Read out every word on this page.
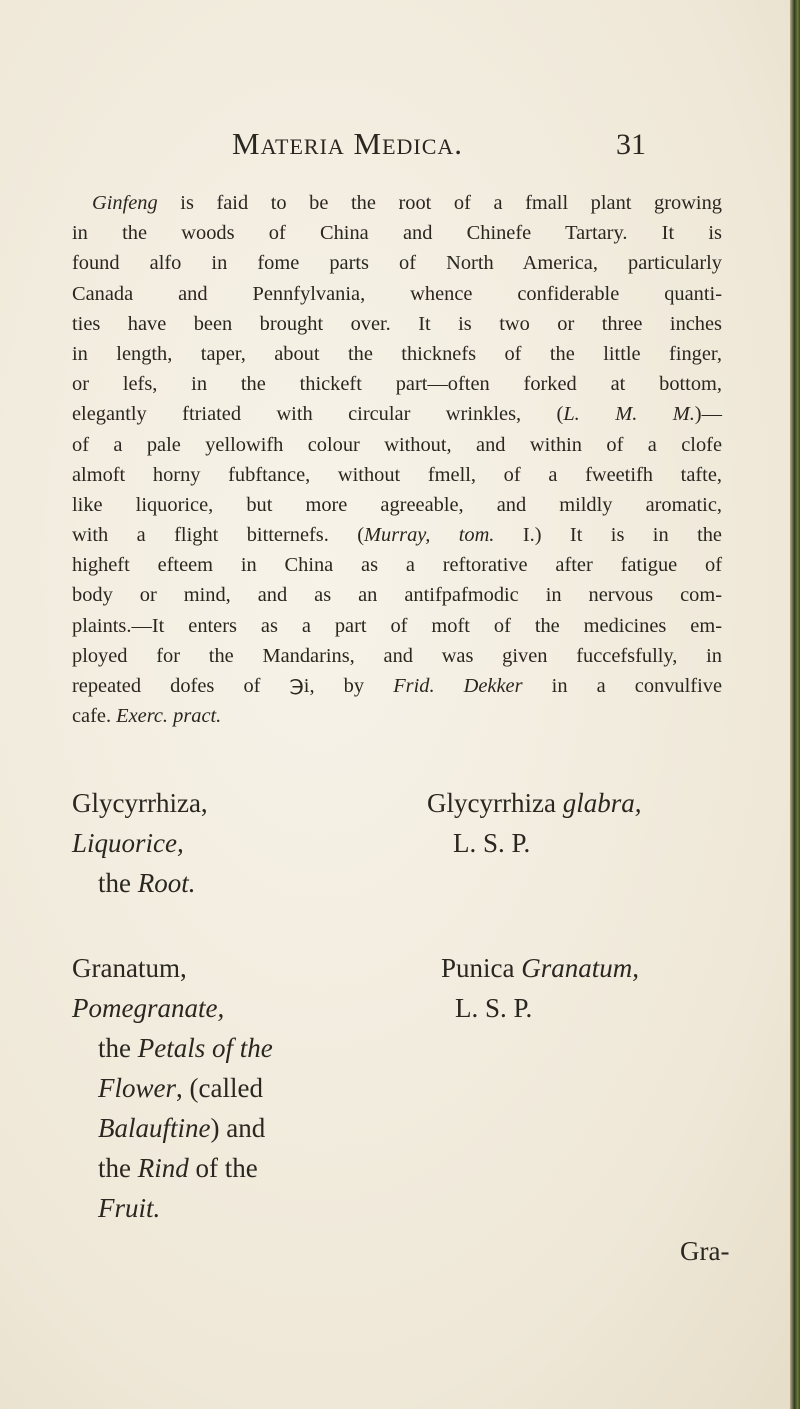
Materia Medica.	31
Ginfeng is faid to be the root of a fmall plant growing
in the woods of China and Chinefe Tartary. It is
found alfo in fome parts of North America, particularly
Canada and Pennfylvania, whence confiderable quanti-
ties have been brought over. It is two or three inches
in length, taper, about the thicknefs of the little finger,
or lefs, in the thickeft part—often forked at bottom,
elegantly ftriated with circular wrinkles, (L. M. M.)—
of a pale yellowifh colour without, and within of a clofe
almoft horny fubftance, without fmell, of a fweetifh tafte,
like liquorice, but more agreeable, and mildly aromatic,
with a flight bitternefs. (Murray, tom. I.) It is in the
higheft efteem in China as a reftorative after fatigue of
body or mind, and as an antifpafmodic in nervous com-
plaints.—It enters as a part of moft of the medicines em-
ployed for the Mandarins, and was given fuccefsfully, in
repeated dofes of ℈i, by Frid. Dekker in a convulfive
cafe. Exerc. pract.
Glycyrrhiza,
Liquorice,
the Root.
Glycyrrhiza glabra,
L. S. P.
Granatum,
Pomegranate,
the Petals of the
Flower, (called
Balauftine) and
the Rind of the
Fruit.
Punica Granatum,
L. S. P.
Gra-
